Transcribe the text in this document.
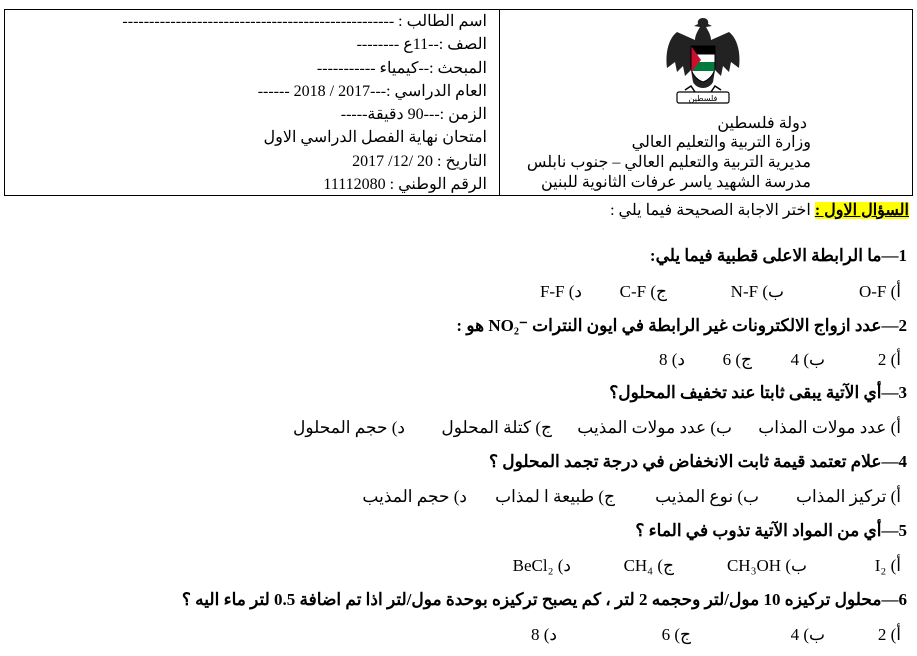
اسم الطالب : ---------------------------------------------------
الصف :--11ع --------
المبحث :--كيمياء -----------
العام الدراسي :---2017 / 2018 ------
الزمن :---90 دقيقة-----
امتحان نهاية الفصل الدراسي الاول
التاريخ : 20 /12/ 2017
الرقم الوطني : 11112080
فلسطين
دولة فلسطين
وزارة التربية والتعليم العالي
مديرية التربية والتعليم العالي – جنوب نابلس
مدرسة الشهيد ياسر عرفات الثانوية للبنين
السؤال الاول : اختر الاجابة الصحيحة فيما يلي :
1—ما الرابطة الاعلى قطبية فيما يلي:
أ) O-F
ب) N-F
ج) C-F
د) F-F
2—عدد ازواج الالكترونات غير الرابطة في ايون النترات ‎NO₂⁻‎ هو :
أ) 2
ب) 4
ج) 6
د) 8
3—أي الآتية يبقى ثابتا عند تخفيف المحلول؟
أ) عدد مولات المذاب
ب) عدد مولات المذيب
ج) كتلة المحلول
د) حجم المحلول
4—علام تعتمد قيمة ثابت الانخفاض في درجة تجمد المحلول ؟
أ) تركيز المذاب
ب) نوع المذيب
ج) طبيعة ا لمذاب
د) حجم المذيب
5—أي من المواد الآتية تذوب في الماء ؟
أ) I₂
ب) CH₃OH
ج) CH₄
د) BeCl₂
6—محلول تركيزه 10 مول/لتر وحجمه 2 لتر ، كم يصبح تركيزه بوحدة مول/لتر اذا تم اضافة 0.5 لتر ماء اليه ؟
أ) 2
ب) 4
ج) 6
د) 8
